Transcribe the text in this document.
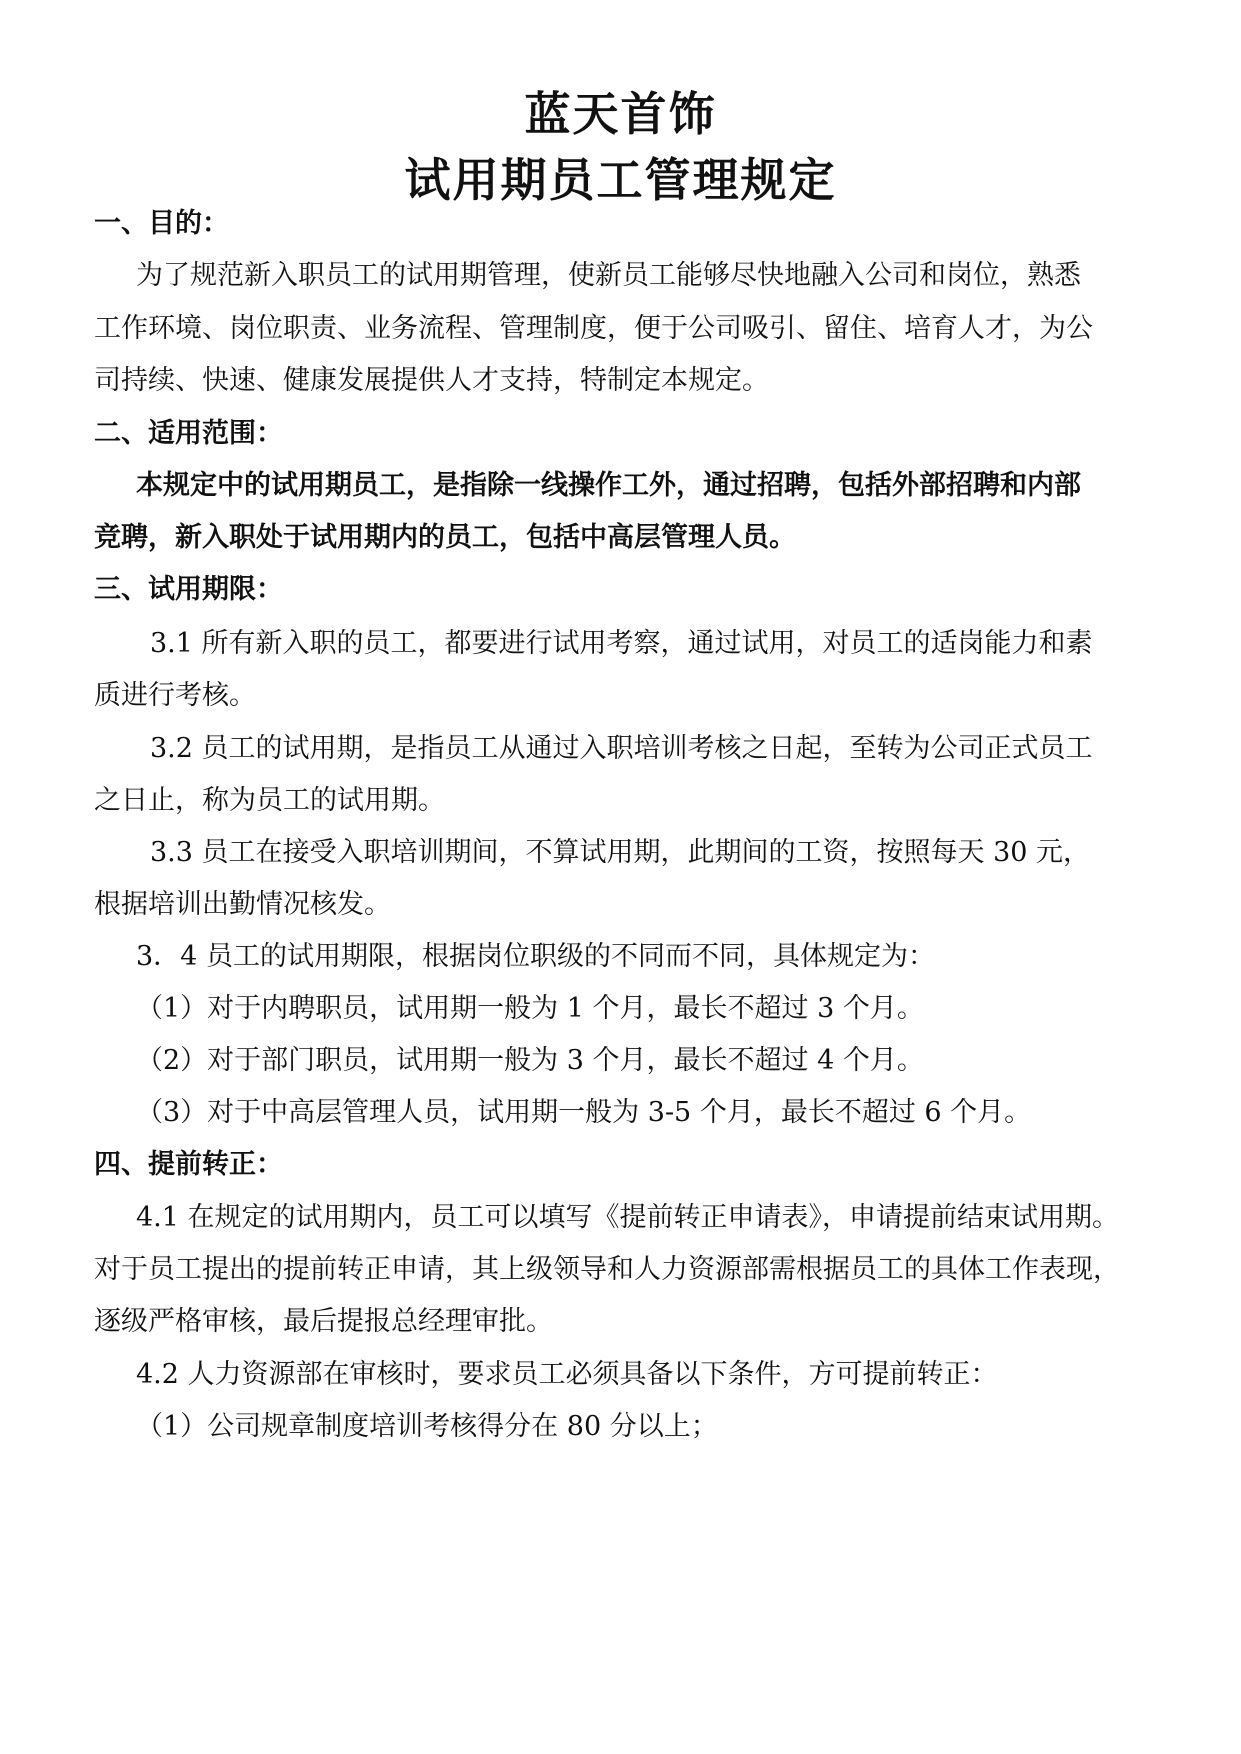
蓝天首饰
试用期员工管理规定
一、目的：
为了规范新入职员工的试用期管理，使新员工能够尽快地融入公司和岗位，熟悉
工作环境、岗位职责、业务流程、管理制度，便于公司吸引、留住、培育人才，为公
司持续、快速、健康发展提供人才支持，特制定本规定。
二、适用范围：
本规定中的试用期员工，是指除一线操作工外，通过招聘，包括外部招聘和内部
竞聘，新入职处于试用期内的员工，包括中高层管理人员。
三、试用期限：
3.1 所有新入职的员工，都要进行试用考察，通过试用，对员工的适岗能力和素
质进行考核。
3.2 员工的试用期，是指员工从通过入职培训考核之日起，至转为公司正式员工
之日止，称为员工的试用期。
3.3 员工在接受入职培训期间，不算试用期，此期间的工资，按照每天 30 元，
根据培训出勤情况核发。
3．4 员工的试用期限，根据岗位职级的不同而不同，具体规定为：
（1）对于内聘职员，试用期一般为 1 个月，最长不超过 3 个月。
（2）对于部门职员，试用期一般为 3 个月，最长不超过 4 个月。
（3）对于中高层管理人员，试用期一般为 3-5 个月，最长不超过 6 个月。
四、提前转正：
4.1 在规定的试用期内，员工可以填写《提前转正申请表》，申请提前结束试用期。
对于员工提出的提前转正申请，其上级领导和人力资源部需根据员工的具体工作表现，
逐级严格审核，最后提报总经理审批。
4.2 人力资源部在审核时，要求员工必须具备以下条件，方可提前转正：
（1）公司规章制度培训考核得分在 80 分以上；
